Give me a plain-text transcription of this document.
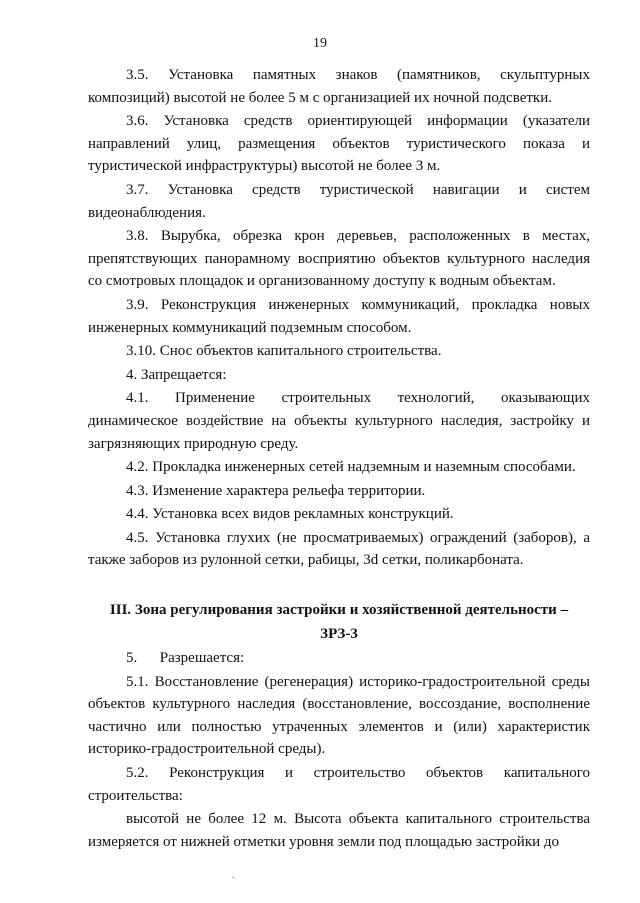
19

3.5.  Установка  памятных  знаков  (памятников,  скульптурных композиций) высотой не более 5 м с организацией их ночной подсветки.

3.6. Установка средств ориентирующей информации (указатели направлений улиц, размещения объектов туристического показа и туристической инфраструктуры) высотой не более 3 м.

3.7.  Установка  средств  туристической  навигации  и  систем видеонаблюдения.

3.8. Вырубка, обрезка крон деревьев, расположенных в местах, препятствующих панорамному восприятию объектов культурного наследия со смотровых площадок и организованному доступу к водным объектам.

3.9. Реконструкция инженерных коммуникаций, прокладка новых инженерных коммуникаций подземным способом.

3.10. Снос объектов капитального строительства.

4. Запрещается:

4.1.  Применение  строительных  технологий,  оказывающих динамическое воздействие на объекты культурного наследия, застройку и загрязняющих природную среду.

4.2. Прокладка инженерных сетей надземным и наземным способами.

4.3. Изменение характера рельефа территории.

4.4. Установка всех видов рекламных конструкций.

4.5. Установка глухих (не просматриваемых) ограждений (заборов), а также заборов из рулонной сетки, рабицы, 3d сетки, поликарбоната.

III. Зона регулирования застройки и хозяйственной деятельности –
ЗРЗ-3

5.      Разрешается:

5.1. Восстановление (регенерация) историко-градостроительной среды объектов культурного наследия (восстановление, воссоздание, восполнение частично или полностью утраченных элементов и (или) характеристик историко-градостроительной среды).

5.2.  Реконструкция  и  строительство  объектов  капитального строительства:

высотой не более 12 м. Высота объекта капитального строительства измеряется от нижней отметки уровня земли под площадью застройки до

.
